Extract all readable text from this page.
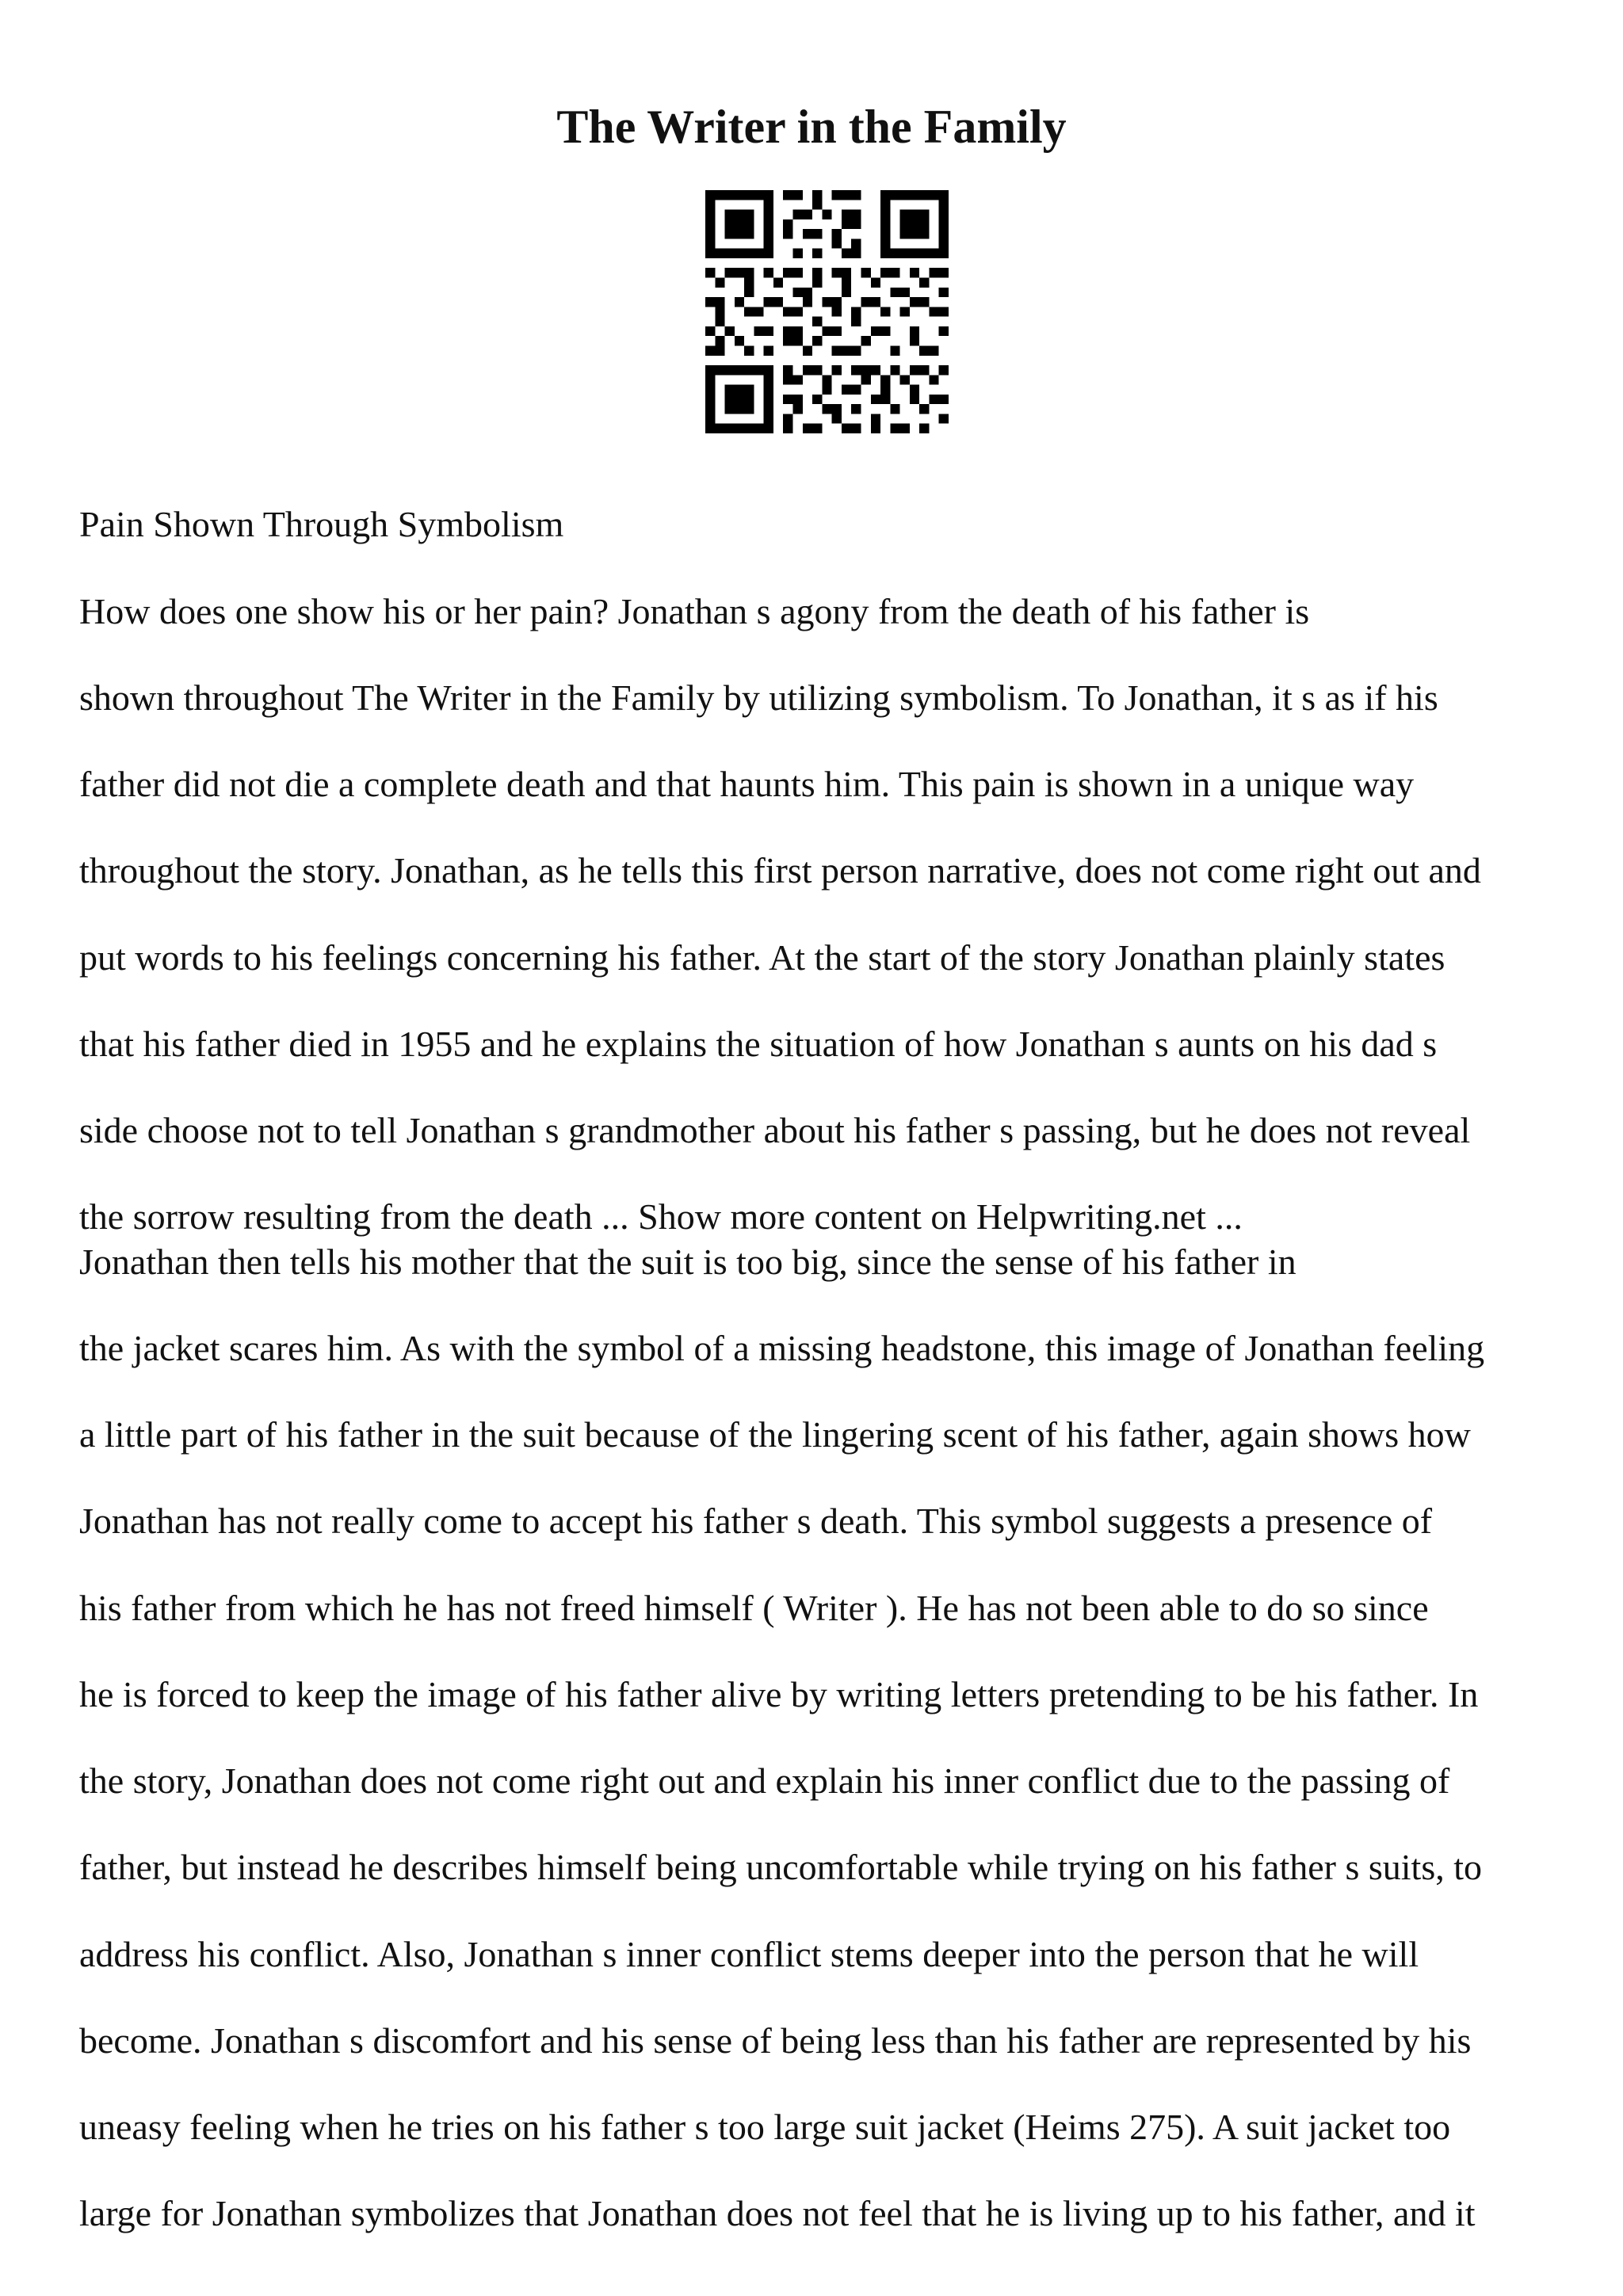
The Writer in the Family

Pain Shown Through Symbolism

How does one show his or her pain? Jonathan s agony from the death of his father is

shown throughout The Writer in the Family by utilizing symbolism. To Jonathan, it s as if his

father did not die a complete death and that haunts him. This pain is shown in a unique way

throughout the story. Jonathan, as he tells this first person narrative, does not come right out and

put words to his feelings concerning his father. At the start of the story Jonathan plainly states

that his father died in 1955 and he explains the situation of how Jonathan s aunts on his dad s

side choose not to tell Jonathan s grandmother about his father s passing, but he does not reveal

the sorrow resulting from the death ... Show more content on Helpwriting.net ...

Jonathan then tells his mother that the suit is too big, since the sense of his father in

the jacket scares him. As with the symbol of a missing headstone, this image of Jonathan feeling

a little part of his father in the suit because of the lingering scent of his father, again shows how

Jonathan has not really come to accept his father s death. This symbol suggests a presence of

his father from which he has not freed himself ( Writer ). He has not been able to do so since

he is forced to keep the image of his father alive by writing letters pretending to be his father. In

the story, Jonathan does not come right out and explain his inner conflict due to the passing of

father, but instead he describes himself being uncomfortable while trying on his father s suits, to

address his conflict. Also, Jonathan s inner conflict stems deeper into the person that he will

become. Jonathan s discomfort and his sense of being less than his father are represented by his

uneasy feeling when he tries on his father s too large suit jacket (Heims 275). A suit jacket too

large for Jonathan symbolizes that Jonathan does not feel that he is living up to his father, and it
